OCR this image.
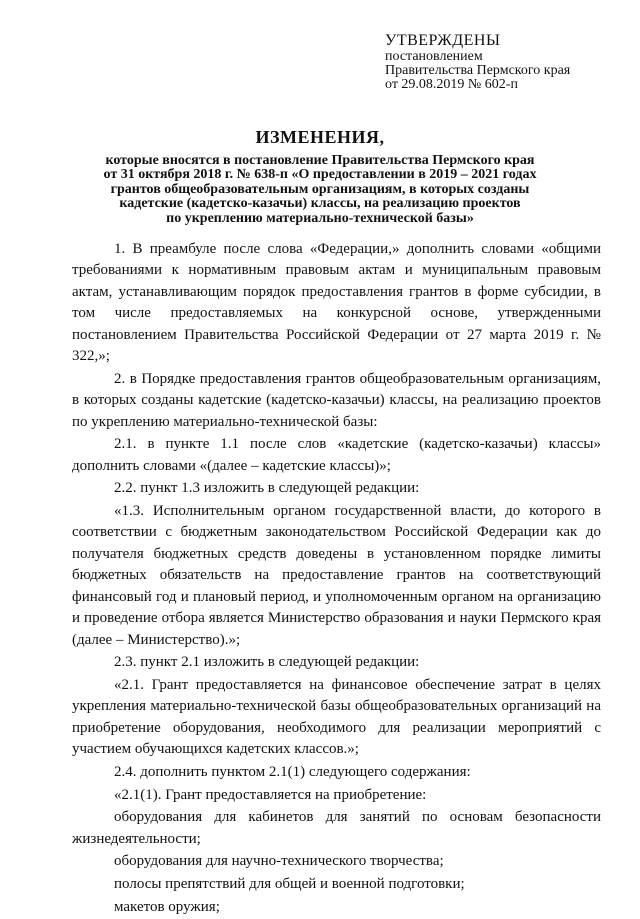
УТВЕРЖДЕНЫ
постановлением
Правительства Пермского края
от 29.08.2019 № 602-п
ИЗМЕНЕНИЯ,
которые вносятся в постановление Правительства Пермского края
от 31 октября 2018 г. № 638-п «О предоставлении в 2019 – 2021 годах
грантов общеобразовательным организациям, в которых созданы
кадетские (кадетско-казачьи) классы, на реализацию проектов
по укреплению материально-технической базы»

1. В преамбуле после слова «Федерации,» дополнить словами «общими требованиями к нормативным правовым актам и муниципальным правовым актам, устанавливающим порядок предоставления грантов в форме субсидии, в том числе предоставляемых на конкурсной основе, утвержденными постановлением Правительства Российской Федерации от 27 марта 2019 г. № 322,»;

2. в Порядке предоставления грантов общеобразовательным организациям, в которых созданы кадетские (кадетско-казачьи) классы, на реализацию проектов по укреплению материально-технической базы:

2.1. в пункте 1.1 после слов «кадетские (кадетско-казачьи) классы» дополнить словами «(далее – кадетские классы)»;

2.2. пункт 1.3 изложить в следующей редакции:

«1.3. Исполнительным органом государственной власти, до которого в соответствии с бюджетным законодательством Российской Федерации как до получателя бюджетных средств доведены в установленном порядке лимиты бюджетных обязательств на предоставление грантов на соответствующий финансовый год и плановый период, и уполномоченным органом на организацию и проведение отбора является Министерство образования и науки Пермского края (далее – Министерство).»;

2.3. пункт 2.1 изложить в следующей редакции:

«2.1. Грант предоставляется на финансовое обеспечение затрат в целях укрепления материально-технической базы общеобразовательных организаций на приобретение оборудования, необходимого для реализации мероприятий с участием обучающихся кадетских классов.»;

2.4. дополнить пунктом 2.1(1) следующего содержания:

«2.1(1). Грант предоставляется на приобретение:

оборудования для кабинетов для занятий по основам безопасности жизнедеятельности;

оборудования для научно-технического творчества;

полосы препятствий для общей и военной подготовки;

макетов оружия;
